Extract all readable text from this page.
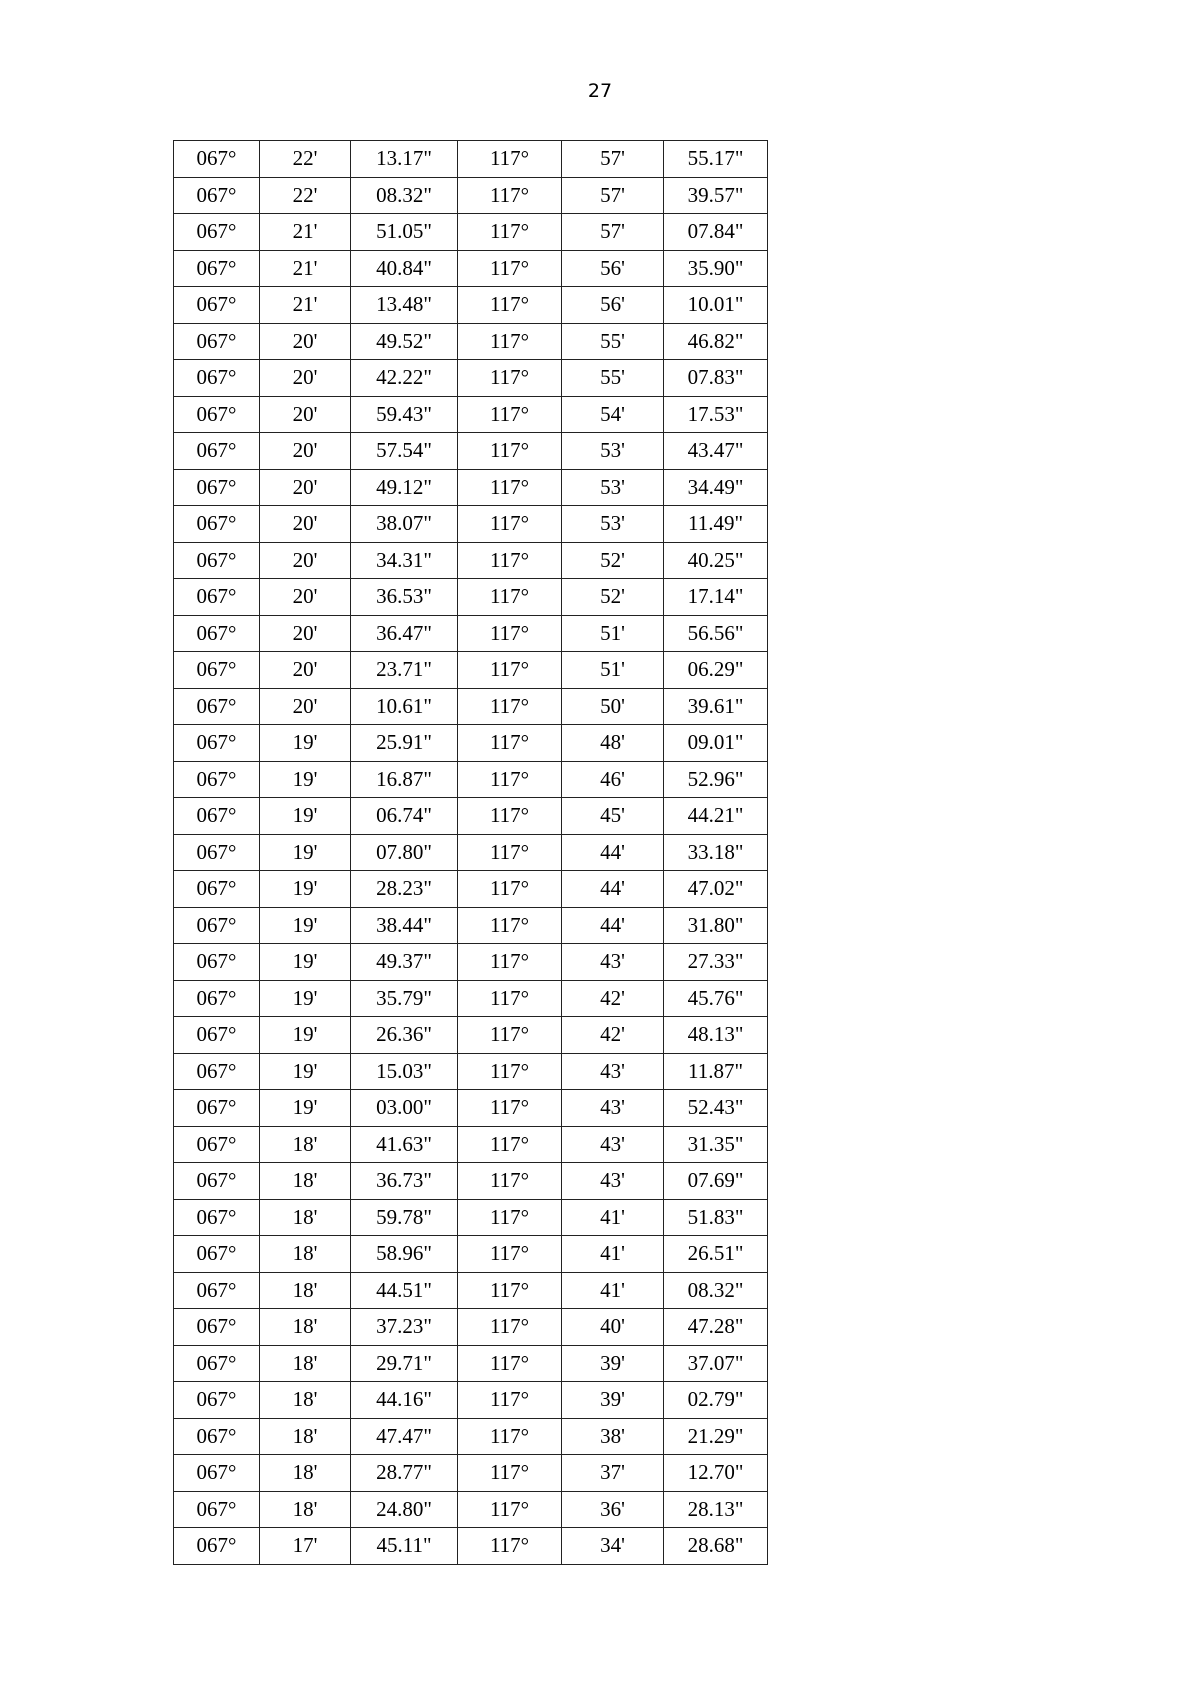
27
067°	22'	13.17"	117°	57'	55.17"
067°	22'	08.32"	117°	57'	39.57"
067°	21'	51.05"	117°	57'	07.84"
067°	21'	40.84"	117°	56'	35.90"
067°	21'	13.48"	117°	56'	10.01"
067°	20'	49.52"	117°	55'	46.82"
067°	20'	42.22"	117°	55'	07.83"
067°	20'	59.43"	117°	54'	17.53"
067°	20'	57.54"	117°	53'	43.47"
067°	20'	49.12"	117°	53'	34.49"
067°	20'	38.07"	117°	53'	11.49"
067°	20'	34.31"	117°	52'	40.25"
067°	20'	36.53"	117°	52'	17.14"
067°	20'	36.47"	117°	51'	56.56"
067°	20'	23.71"	117°	51'	06.29"
067°	20'	10.61"	117°	50'	39.61"
067°	19'	25.91"	117°	48'	09.01"
067°	19'	16.87"	117°	46'	52.96"
067°	19'	06.74"	117°	45'	44.21"
067°	19'	07.80"	117°	44'	33.18"
067°	19'	28.23"	117°	44'	47.02"
067°	19'	38.44"	117°	44'	31.80"
067°	19'	49.37"	117°	43'	27.33"
067°	19'	35.79"	117°	42'	45.76"
067°	19'	26.36"	117°	42'	48.13"
067°	19'	15.03"	117°	43'	11.87"
067°	19'	03.00"	117°	43'	52.43"
067°	18'	41.63"	117°	43'	31.35"
067°	18'	36.73"	117°	43'	07.69"
067°	18'	59.78"	117°	41'	51.83"
067°	18'	58.96"	117°	41'	26.51"
067°	18'	44.51"	117°	41'	08.32"
067°	18'	37.23"	117°	40'	47.28"
067°	18'	29.71"	117°	39'	37.07"
067°	18'	44.16"	117°	39'	02.79"
067°	18'	47.47"	117°	38'	21.29"
067°	18'	28.77"	117°	37'	12.70"
067°	18'	24.80"	117°	36'	28.13"
067°	17'	45.11"	117°	34'	28.68"
